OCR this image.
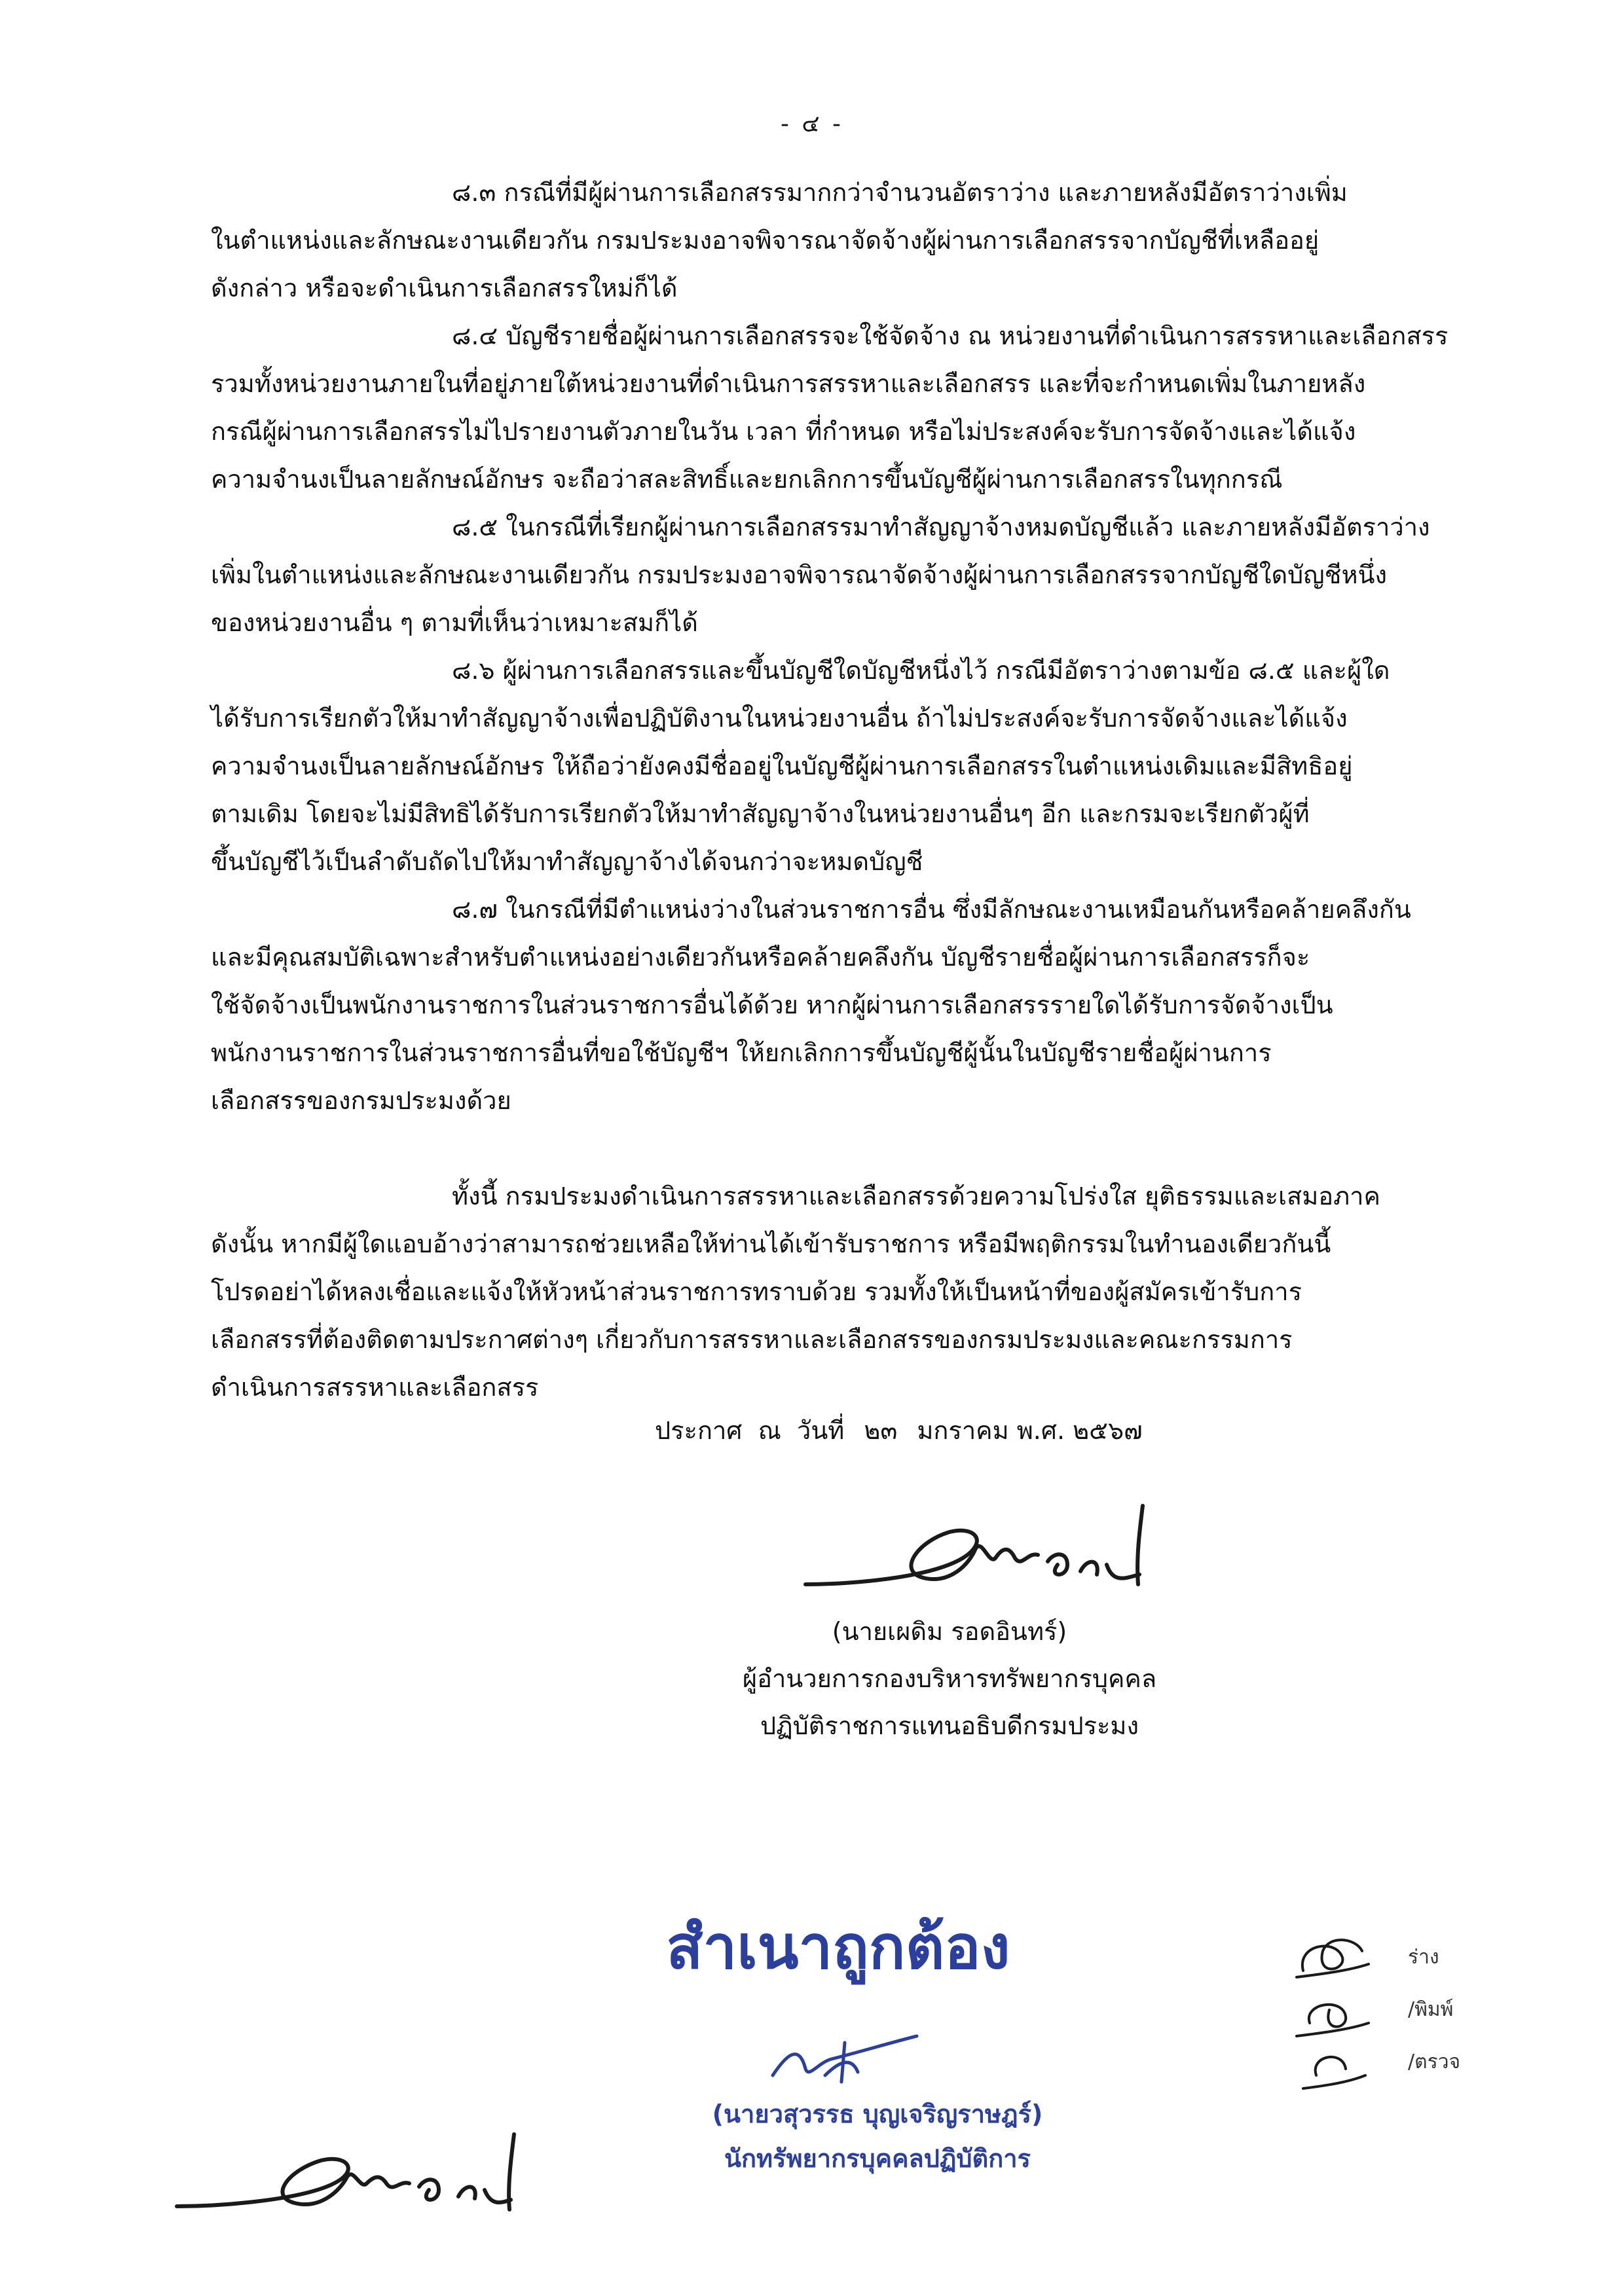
- ๔ -

๘.๓ กรณีที่มีผู้ผ่านการเลือกสรรมากกว่าจำนวนอัตราว่าง และภายหลังมีอัตราว่างเพิ่ม

ในตำแหน่งและลักษณะงานเดียวกัน กรมประมงอาจพิจารณาจัดจ้างผู้ผ่านการเลือกสรรจากบัญชีที่เหลืออยู่

ดังกล่าว หรือจะดำเนินการเลือกสรรใหม่ก็ได้

๘.๔ บัญชีรายชื่อผู้ผ่านการเลือกสรรจะใช้จัดจ้าง ณ หน่วยงานที่ดำเนินการสรรหาและเลือกสรร

รวมทั้งหน่วยงานภายในที่อยู่ภายใต้หน่วยงานที่ดำเนินการสรรหาและเลือกสรร และที่จะกำหนดเพิ่มในภายหลัง

กรณีผู้ผ่านการเลือกสรรไม่ไปรายงานตัวภายในวัน เวลา ที่กำหนด หรือไม่ประสงค์จะรับการจัดจ้างและได้แจ้ง

ความจำนงเป็นลายลักษณ์อักษร จะถือว่าสละสิทธิ์และยกเลิกการขึ้นบัญชีผู้ผ่านการเลือกสรรในทุกกรณี

๘.๕ ในกรณีที่เรียกผู้ผ่านการเลือกสรรมาทำสัญญาจ้างหมดบัญชีแล้ว และภายหลังมีอัตราว่าง

เพิ่มในตำแหน่งและลักษณะงานเดียวกัน กรมประมงอาจพิจารณาจัดจ้างผู้ผ่านการเลือกสรรจากบัญชีใดบัญชีหนึ่ง

ของหน่วยงานอื่น ๆ ตามที่เห็นว่าเหมาะสมก็ได้

๘.๖ ผู้ผ่านการเลือกสรรและขึ้นบัญชีใดบัญชีหนึ่งไว้ กรณีมีอัตราว่างตามข้อ ๘.๕ และผู้ใด

ได้รับการเรียกตัวให้มาทำสัญญาจ้างเพื่อปฏิบัติงานในหน่วยงานอื่น ถ้าไม่ประสงค์จะรับการจัดจ้างและได้แจ้ง

ความจำนงเป็นลายลักษณ์อักษร ให้ถือว่ายังคงมีชื่ออยู่ในบัญชีผู้ผ่านการเลือกสรรในตำแหน่งเดิมและมีสิทธิอยู่

ตามเดิม โดยจะไม่มีสิทธิได้รับการเรียกตัวให้มาทำสัญญาจ้างในหน่วยงานอื่นๆ อีก และกรมจะเรียกตัวผู้ที่

ขึ้นบัญชีไว้เป็นลำดับถัดไปให้มาทำสัญญาจ้างได้จนกว่าจะหมดบัญชี

๘.๗ ในกรณีที่มีตำแหน่งว่างในส่วนราชการอื่น ซึ่งมีลักษณะงานเหมือนกันหรือคล้ายคลึงกัน

และมีคุณสมบัติเฉพาะสำหรับตำแหน่งอย่างเดียวกันหรือคล้ายคลึงกัน บัญชีรายชื่อผู้ผ่านการเลือกสรรก็จะ

ใช้จัดจ้างเป็นพนักงานราชการในส่วนราชการอื่นได้ด้วย หากผู้ผ่านการเลือกสรรรายใดได้รับการจัดจ้างเป็น

พนักงานราชการในส่วนราชการอื่นที่ขอใช้บัญชีฯ ให้ยกเลิกการขึ้นบัญชีผู้นั้นในบัญชีรายชื่อผู้ผ่านการ

เลือกสรรของกรมประมงด้วย

ทั้งนี้ กรมประมงดำเนินการสรรหาและเลือกสรรด้วยความโปร่งใส ยุติธรรมและเสมอภาค

ดังนั้น หากมีผู้ใดแอบอ้างว่าสามารถช่วยเหลือให้ท่านได้เข้ารับราชการ หรือมีพฤติกรรมในทำนองเดียวกันนี้

โปรดอย่าได้หลงเชื่อและแจ้งให้หัวหน้าส่วนราชการทราบด้วย รวมทั้งให้เป็นหน้าที่ของผู้สมัครเข้ารับการ

เลือกสรรที่ต้องติดตามประกาศต่างๆ เกี่ยวกับการสรรหาและเลือกสรรของกรมประมงและคณะกรรมการ

ดำเนินการสรรหาและเลือกสรร

ประกาศ  ณ  วันที่ ๒๓ มกราคม พ.ศ. ๒๕๖๗
(นายเผดิม รอดอินทร์)
ผู้อำนวยการกองบริหารทรัพยากรบุคคล
ปฏิบัติราชการแทนอธิบดีกรมประมง
สำเนาถูกต้อง
(นายวสุวรรธ บุญเจริญราษฎร์)
นักทรัพยากรบุคคลปฏิบัติการ
ร่าง
/พิมพ์
/ตรวจ
